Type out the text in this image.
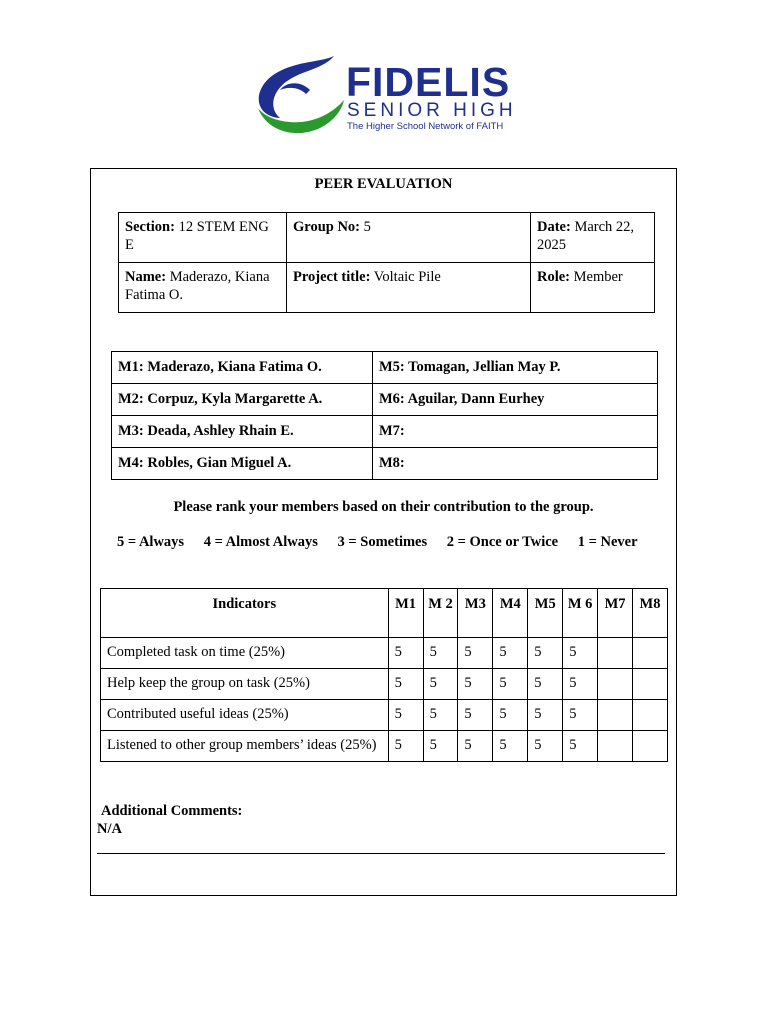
FIDELIS
SENIOR HIGH
The Higher School Network of FAITH
PEER EVALUATION
Section: 12 STEM ENG E	Group No: 5	Date: March 22, 2025
Name: Maderazo, Kiana Fatima O.	Project title: Voltaic Pile	Role: Member
M1: Maderazo, Kiana Fatima O.	M5: Tomagan, Jellian May P.
M2: Corpuz, Kyla Margarette A.	M6: Aguilar, Dann Eurhey
M3: Deada, Ashley Rhain E.	M7:
M4: Robles, Gian Miguel A.	M8:
Please rank your members based on their contribution to the group.
5 = Always 4 = Almost Always 3 = Sometimes 2 = Once or Twice 1 = Never
Indicators	M1	M 2	M3	M4	M5	M 6	M7	M8
Completed task on time (25%)	5	5	5	5	5	5		
Help keep the group on task (25%)	5	5	5	5	5	5		
Contributed useful ideas (25%)	5	5	5	5	5	5		
Listened to other group members’ ideas (25%)	5	5	5	5	5	5		
Additional Comments:
N/A
